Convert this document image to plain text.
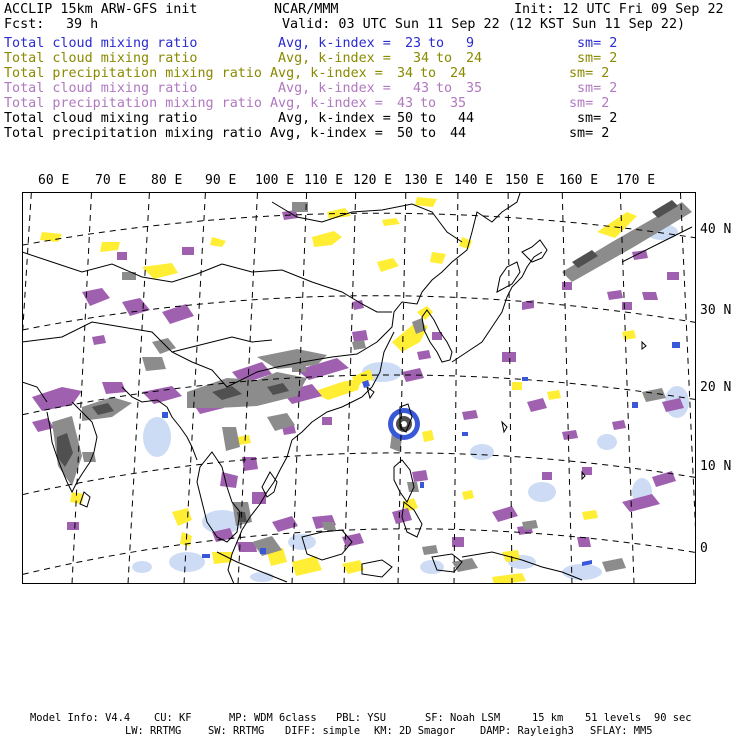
ACCLIP 15km ARW-GFS init	NCAR/MMM	Init: 12 UTC Fri 09 Sep 22
Fcst: 39 h	Valid: 03 UTC Sun 11 Sep 22 (12 KST Sun 11 Sep 22)
Total cloud mixing ratio	Avg, k-index = 23 to 9	sm= 2
Total cloud mixing ratio	Avg, k-index = 34 to 24	sm= 2
Total precipitation mixing ratio Avg, k-index = 34 to 24	sm= 2
Total cloud mixing ratio	Avg, k-index = 43 to 35	sm= 2
Total precipitation mixing ratio Avg, k-index = 43 to 35	sm= 2
Total cloud mixing ratio	Avg, k-index = 50 to 44	sm= 2
Total precipitation mixing ratio Avg, k-index = 50 to 44	sm= 2
60 E 70 E 80 E 90 E 100 E 110 E 120 E 130 E 140 E 150 E 160 E 170 E
40 N
30 N
20 N
10 N
0
Model Info: V4.4 CU: KF	MP: WDM 6class PBL: YSU	SF: Noah LSM	15 km 51 levels 90 sec
LW: RRTMG	SW: RRTMG DIFF: simple KM: 2D Smagor DAMP: Rayleigh3 SFLAY: MM5
